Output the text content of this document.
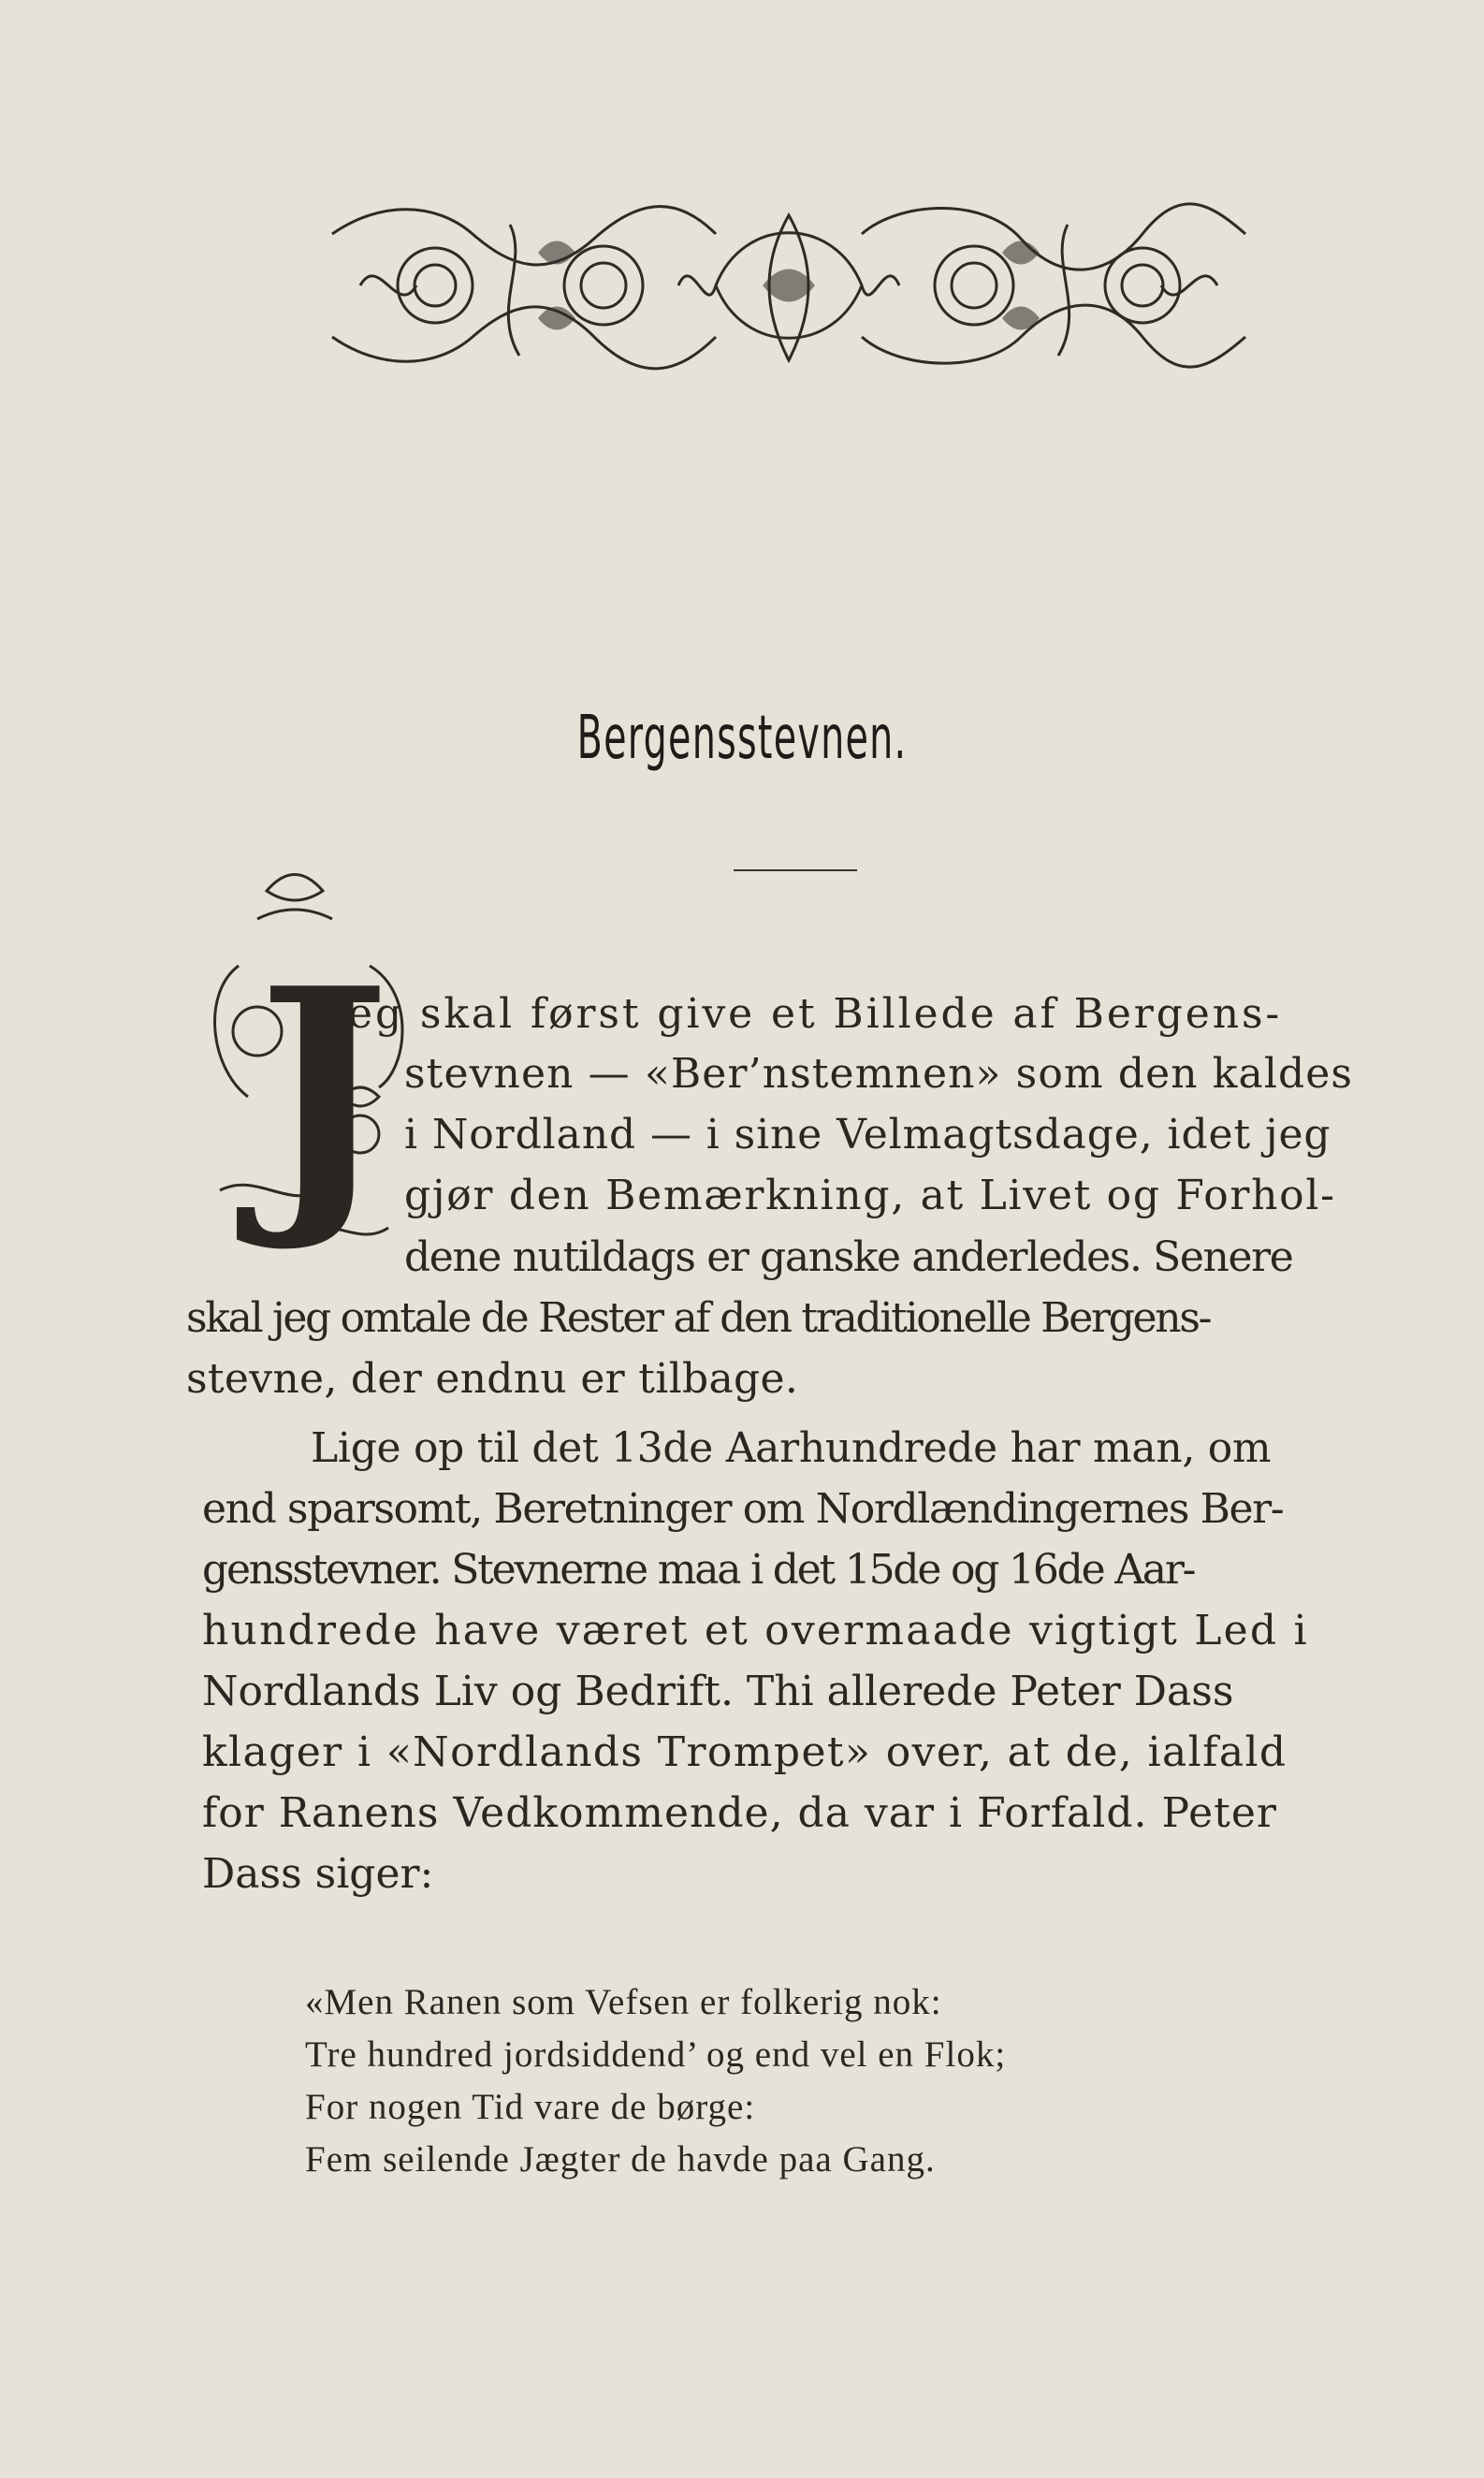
Bergensstevnen.
J
eg skal først give et Billede af Bergens-
stevnen — «Ber’nstemnen» som den kaldes
i Nordland — i sine Velmagtsdage, idet jeg
gjør den Bemærkning, at Livet og Forhol-
dene nutildags er ganske anderledes. Senere
skal jeg omtale de Rester af den traditionelle Bergens-
stevne, der endnu er tilbage.
Lige op til det 13de Aarhundrede har man, om
end sparsomt, Beretninger om Nordlændingernes Ber-
gensstevner. Stevnerne maa i det 15de og 16de Aar-
hundrede have været et overmaade vigtigt Led i
Nordlands Liv og Bedrift. Thi allerede Peter Dass
klager i «Nordlands Trompet» over, at de, ialfald
for Ranens Vedkommende, da var i Forfald. Peter
Dass siger:
«Men Ranen som Vefsen er folkerig nok:
Tre hundred jordsiddend’ og end vel en Flok;
For nogen Tid vare de børge:
Fem seilende Jægter de havde paa Gang.
